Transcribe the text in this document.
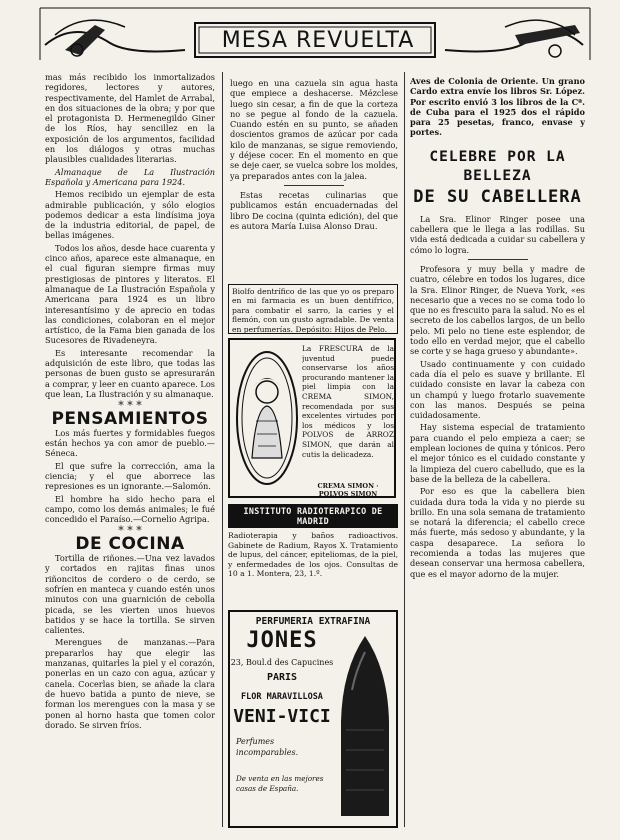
MESA REVUELTA

mas más recibido los inmortalizados regidores, lectores y autores, respectivamente, del Hamlet de Arrabal, en dos situaciones de la obra; y por que el protagonista D. Hermenegildo Giner de los Ríos, hay sencillez en la exposición de los argumentos, facilidad en los diálogos y otras muchas plausibles cualidades literarias.

Almanaque de La Ilustración Española y Americana para 1924.

Hemos recibido un ejemplar de esta admirable publicación, y sólo elogios podemos dedicar a esta lindísima joya de la industria editorial, de papel, de bellas imágenes.

Todos los años, desde hace cuarenta y cinco años, aparece este almanaque, en el cual figuran siempre firmas muy prestigiosas de pintores y literatos. El almanaque de La Ilustración Española y Americana para 1924 es un libro interesantísimo y de aprecio en todas las condiciones, colaboran en el mejor artístico, de la Fama bien ganada de los Sucesores de Rivadeneyra.

Es interesante recomendar la adquisición de este libro, que todas las personas de buen gusto se apresurarán a comprar, y leer en cuanto aparece. Los que lean, La Ilustración y su almanaque.

* * *
PENSAMIENTOS

Los más fuertes y formidables fuegos están hechos ya con amor de pueblo.—Séneca.

El que sufre la corrección, ama la ciencia; y el que aborrece las represiones es un ignorante.—Salomón.

El hombre ha sido hecho para el campo, como los demás animales; le fué concedido el Paraíso.—Cornelio Agripa.

* * *
DE COCINA

Tortilla de riñones.—Una vez lavados y cortados en rajitas finas unos riñoncitos de cordero o de cerdo, se sofríen en manteca y cuando estén unos minutos con una guarnición de cebolla picada, se les vierten unos huevos batidos y se hace la tortilla. Se sirven calientes.

Merengues de manzanas.—Para prepararlos hay que elegir las manzanas, quitarles la piel y el corazón, ponerlas en un cazo con agua, azúcar y canela. Cocerlas bien, se añade la clara de huevo batida a punto de nieve, se forman los merengues con la masa y se ponen al horno hasta que tomen color dorado. Se sirven fríos.

luego en una cazuela sin agua hasta que empiece a deshacerse. Mézclese luego sin cesar, a fin de que la corteza no se pegue al fondo de la cazuela. Cuando estén en su punto, se añaden doscientos gramos de azúcar por cada kilo de manzanas, se sigue removiendo, y déjese cocer. En el momento en que se deje caer, se vuelca sobre los moldes, ya preparados antes con la jalea.

Estas recetas culinarias que publicamos están encuadernadas del libro De cocina (quinta edición), del que es autora María Luisa Alonso Drau.

Biolfo dentrífico de las que yo os preparo en mi farmacia es un buen dentífrico, para combatir el sarro, la caries y el flemón, con un gusto agradable. De venta en perfumerías. Depósito: Hijos de Pelo.
La FRESCURA de la juventud puede conservarse los años procurando mantener la piel limpia con la CREMA SIMON, recomendada por sus excelentes virtudes por los médicos y los POLVOS de ARROZ SIMON, que darán al cutis la delicadeza.
CREMA SIMON · POLVOS SIMON
INSTITUTO RADIOTERAPICO DE MADRID
Radioterapia y baños radioactivos. Gabinete de Radium, Rayos X. Tratamiento de lupus, del cáncer, epiteliomas, de la piel, y enfermedades de los ojos. Consultas de 10 a 1. Montera, 23, 1.º.
PERFUMERIA EXTRAFINA
JONES
23, Boul.d des Capucines
PARIS
FLOR MARAVILLOSA
VENI-VICI
Perfumes incomparables.
De venta en las mejores casas de España.

Aves de Colonia de Oriente. Un grano Cardo extra envíe los libros Sr. López. Por escrito envió 3 los libros de la Cª. de Cuba para el 1925 dos el rápido para 25 pesetas, franco, envase y portes.

CELEBRE POR LA BELLEZA
DE SU CABELLERA

La Sra. Elinor Ringer posee una cabellera que le llega a las rodillas. Su vida está dedicada a cuidar su cabellera y cómo lo logra.

Profesora y muy bella y madre de cuatro, célebre en todos los lugares, dice la Sra. Elinor Ringer, de Nueva York, «es necesario que a veces no se coma todo lo que no es frescuito para la salud. No es el secreto de los cabellos largos, de un bello pelo. Mi pelo no tiene este esplendor, de todo ello en verdad mejor, que el cabello se corte y se haga grueso y abundante».

Usado continuamente y con cuidado cada día el pelo es suave y brillante. El cuidado consiste en lavar la cabeza con un champú y luego frotarlo suavemente con las manos. Después se peina cuidadosamente.

Hay sistema especial de tratamiento para cuando el pelo empieza a caer; se emplean lociones de quina y tónicos. Pero el mejor tónico es el cuidado constante y la limpieza del cuero cabelludo, que es la base de la belleza de la cabellera.

Por eso es que la cabellera bien cuidada dura toda la vida y no pierde su brillo. En una sola semana de tratamiento se notará la diferencia; el cabello crece más fuerte, más sedoso y abundante, y la caspa desaparece. La señora lo recomienda a todas las mujeres que desean conservar una hermosa cabellera, que es el mayor adorno de la mujer.
